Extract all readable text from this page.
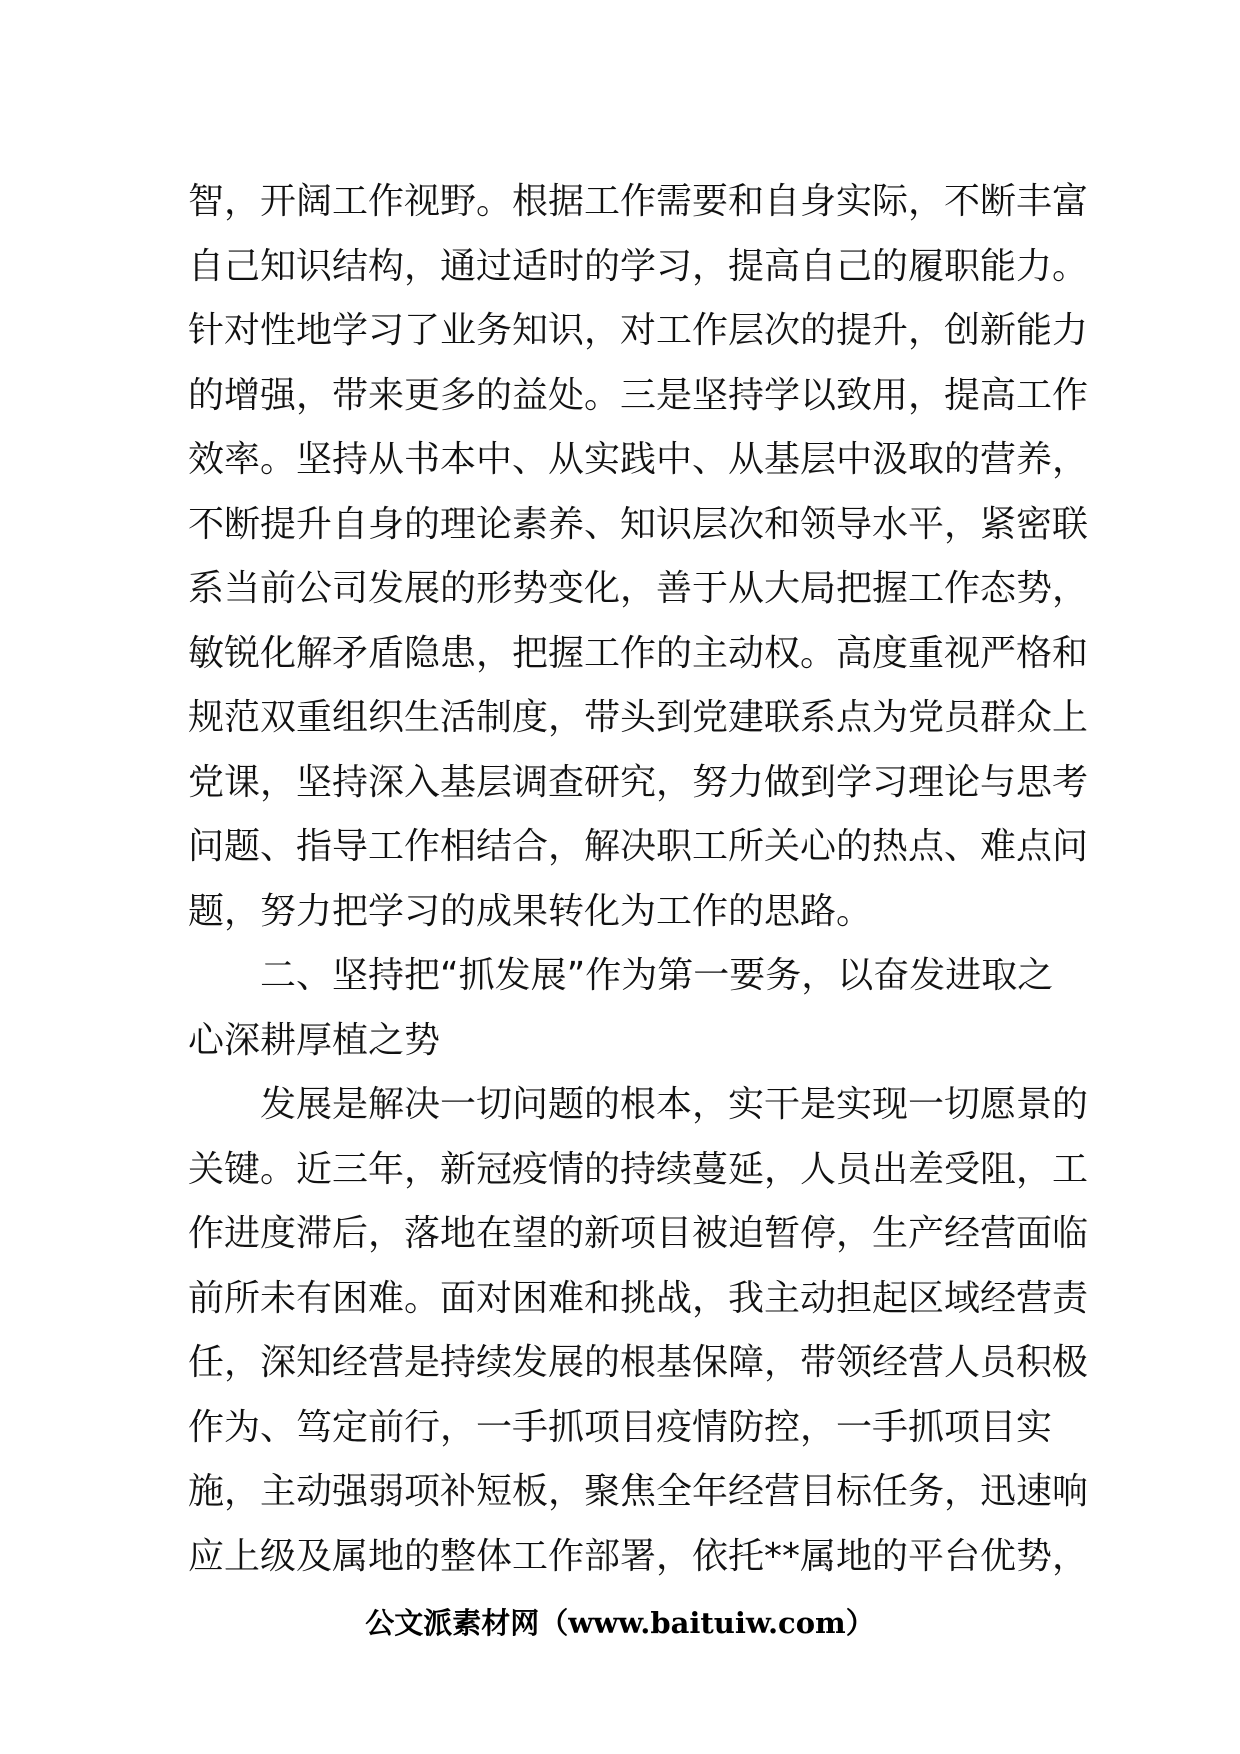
智，开阔工作视野。根据工作需要和自身实际，不断丰富
自己知识结构，通过适时的学习，提高自己的履职能力。
针对性地学习了业务知识，对工作层次的提升，创新能力
的增强，带来更多的益处。三是坚持学以致用，提高工作
效率。坚持从书本中、从实践中、从基层中汲取的营养，
不断提升自身的理论素养、知识层次和领导水平，紧密联
系当前公司发展的形势变化，善于从大局把握工作态势，
敏锐化解矛盾隐患，把握工作的主动权。高度重视严格和
规范双重组织生活制度，带头到党建联系点为党员群众上
党课，坚持深入基层调查研究，努力做到学习理论与思考
问题、指导工作相结合，解决职工所关心的热点、难点问
题，努力把学习的成果转化为工作的思路。
二、坚持把“抓发展”作为第一要务，以奋发进取之
心深耕厚植之势
发展是解决一切问题的根本，实干是实现一切愿景的
关键。近三年，新冠疫情的持续蔓延，人员出差受阻，工
作进度滞后，落地在望的新项目被迫暂停，生产经营面临
前所未有困难。面对困难和挑战，我主动担起区域经营责
任，深知经营是持续发展的根基保障，带领经营人员积极
作为、笃定前行，一手抓项目疫情防控，一手抓项目实
施，主动强弱项补短板，聚焦全年经营目标任务，迅速响
应上级及属地的整体工作部署，依托**属地的平台优势，
公文派素材网（www.baituiw.com）
